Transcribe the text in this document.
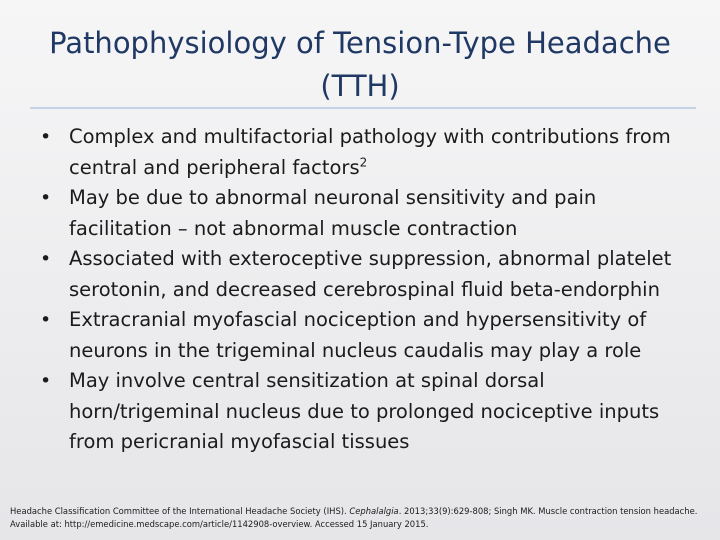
Pathophysiology of Tension-Type Headache (TTH)
• Complex and multifactorial pathology with contributions from central and peripheral factors$^2$
• May be due to abnormal neuronal sensitivity and pain facilitation – not abnormal muscle contraction
• Associated with exteroceptive suppression, abnormal platelet serotonin, and decreased cerebrospinal fluid beta-endorphin
• Extracranial myofascial nociception and hypersensitivity of neurons in the trigeminal nucleus caudalis may play a role
• May involve central sensitization at spinal dorsal horn/trigeminal nucleus due to prolonged nociceptive inputs from pericranial myofascial tissues
Headache Classification Committee of the International Headache Society (IHS). Cephalalgia. 2013;33(9):629-808; Singh MK. Muscle contraction tension headache.
Available at: http://emedicine.medscape.com/article/1142908-overview. Accessed 15 January 2015.
